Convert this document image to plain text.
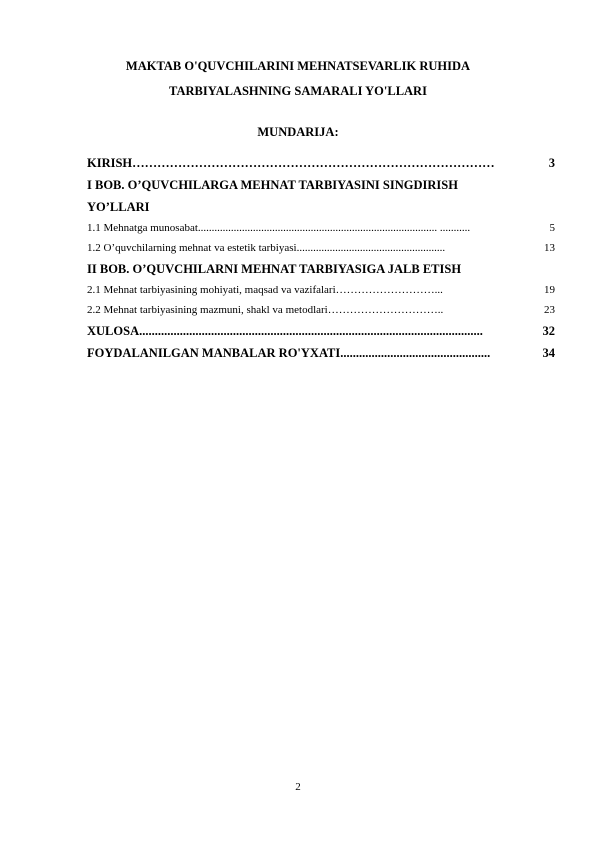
MAKTAB O'QUVCHILARINI MEHNATSEVARLIK RUHIDA
TARBIYALASHNING SAMARALI YO'LLARI
MUNDARIJA:
KIRISH ……………………………………………………………………………	3
I BOB. O’QUVCHILARGA MEHNAT TARBIYASINI SINGDIRISH
YO’LLARI
1.1 Mehnatga munosabat ....................................................................................... ...........	5
1.2 O’quvchilarning mehnat va estetik tarbiyasi ......................................................	13
II BOB. O’QUVCHILARNI MEHNAT TARBIYASIGA JALB ETISH
2.1 Mehnat tarbiyasining mohiyati, maqsad va vazifalari ………………………...	19
2.2 Mehnat tarbiyasining mazmuni, shakl va metodlari …………………………..	23
XULOSA ..............................................................................................................	32
FOYDALANILGAN MANBALAR RO'YXATI ................................................	34
2
